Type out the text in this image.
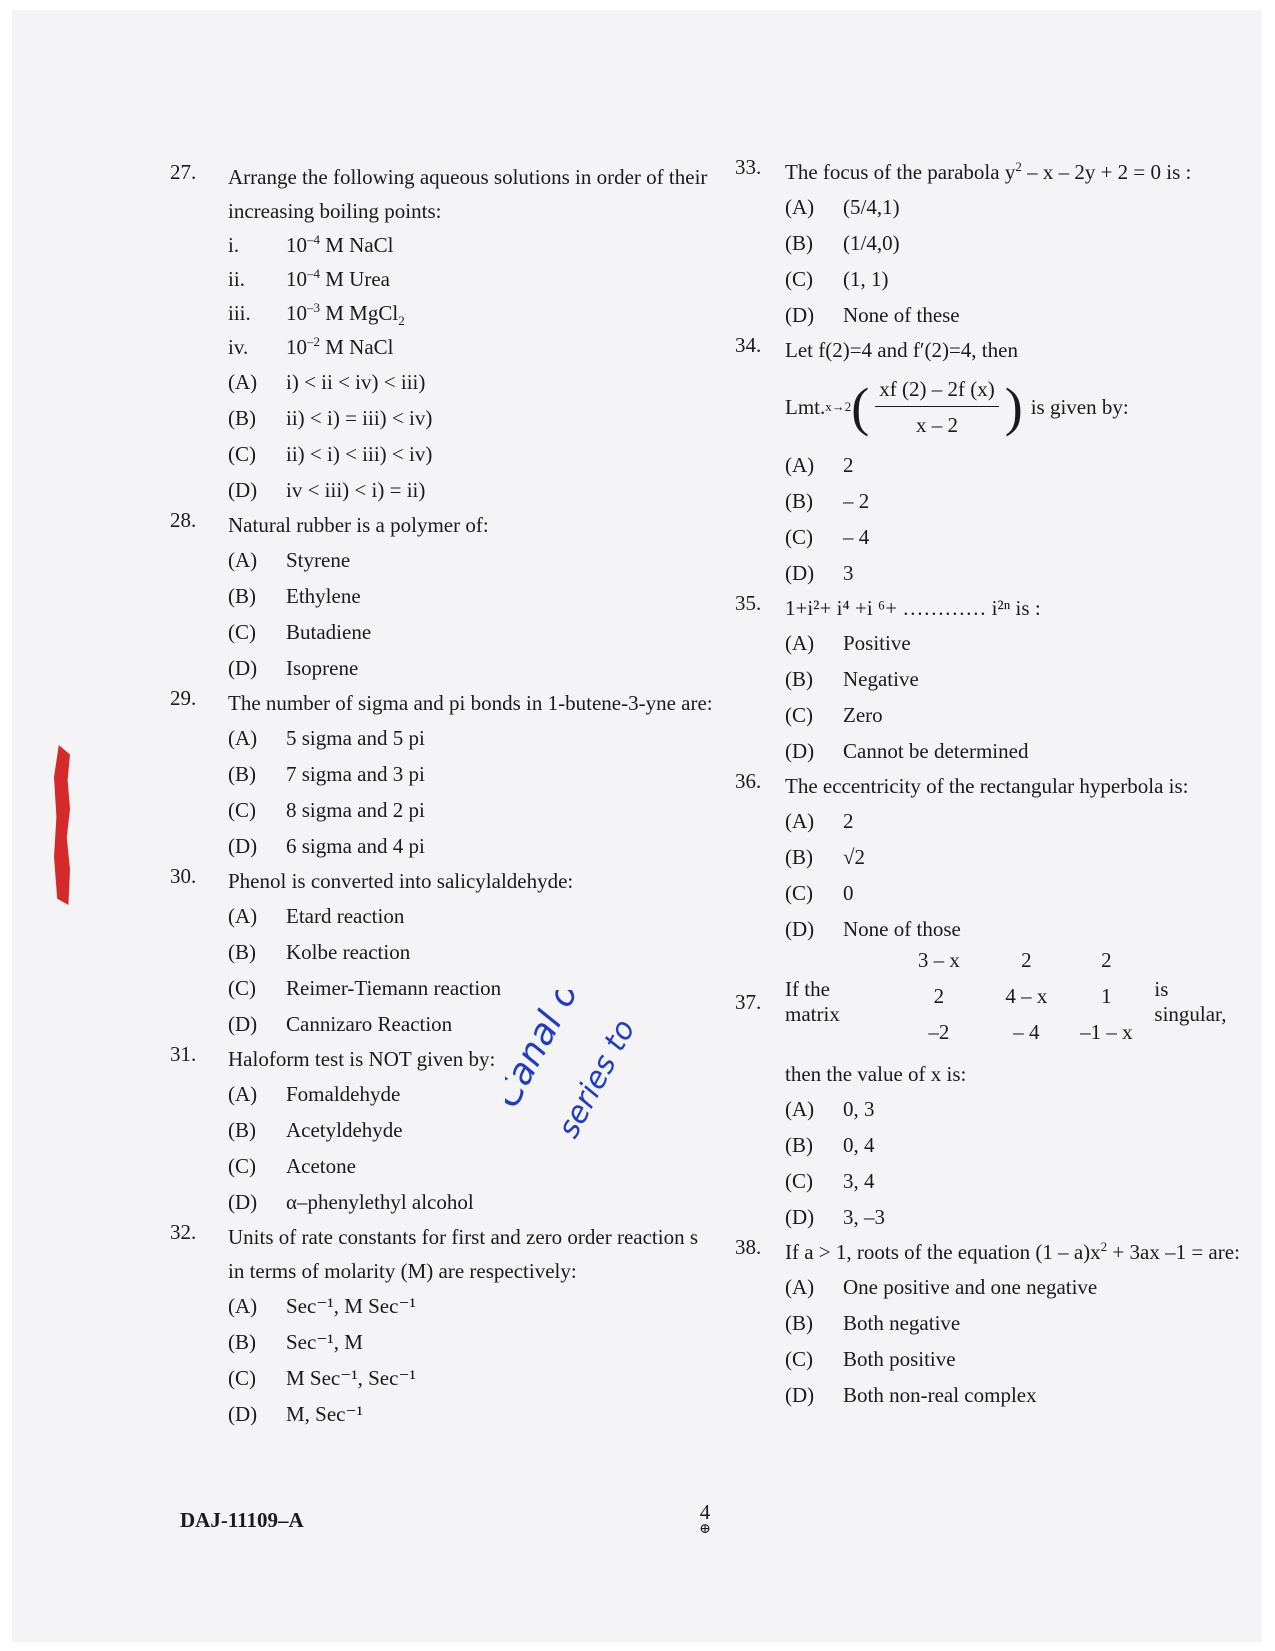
27. Arrange the following aqueous solutions in order of their increasing boiling points:
i.	$10^{-4}$ M NaCl
ii.	$10^{-4}$ M Urea
iii.	$10^{-3}$ M MgCl$_2$
iv.	$10^{-2}$ M NaCl
(A)	i) < ii < iv) < iii)
(B)	ii) < i) = iii) < iv)
(C)	ii) < i) < iii) < iv)
(D)	iv < iii) < i) = ii)
28. Natural rubber is a polymer of:
(A)	Styrene
(B)	Ethylene
(C)	Butadiene
(D)	Isoprene
29. The number of sigma and pi bonds in 1-butene-3-yne are:
(A)	5 sigma and 5 pi
(B)	7 sigma and 3 pi
(C)	8 sigma and 2 pi
(D)	6 sigma and 4 pi
30. Phenol is converted into salicylaldehyde:
(A)	Etard reaction
(B)	Kolbe reaction
(C)	Reimer-Tiemann reaction
(D)	Cannizaro Reaction
31. Haloform test is NOT given by:
(A)	Fomaldehyde
(B)	Acetyldehyde
(C)	Acetone
(D)	α–phenylethyl alcohol
32. Units of rate constants for first and zero order reaction s in terms of molarity (M) are respectively:
(A)	Sec⁻¹, M Sec⁻¹
(B)	Sec⁻¹, M
(C)	M Sec⁻¹, Sec⁻¹
(D)	M, Sec⁻¹
33. The focus of the parabola $y^2 - x - 2y + 2 = 0$ is :
(A)	(5/4,1)
(B)	(1/4,0)
(C)	(1, 1)
(D)	None of these
34. Let f(2)=4 and f′(2)=4, then
Lmt. x→2 ( $\frac{xf (2) - 2f (x)}{x - 2}$ ) is given by:
(A)	2
(B)	– 2
(C)	– 4
(D)	3
35. 1+i²+ i⁴ +i ⁶+ ………… i²ⁿ is :
(A)	Positive
(B)	Negative
(C)	Zero
(D)	Cannot be determined
36. The eccentricity of the rectangular hyperbola is:
(A)	2
(B)	√2
(C)	0
(D)	None of those
37.
If the matrix
3 – x	2	2
2	4 – x	1
–2	– 4	–1 – x
is singular,
then the value of x is:
(A)	0, 3
(B)	0, 4
(C)	3, 4
(D)	3, –3
38. If a > 1, roots of the equation $(1 - a)x^2 + 3ax$ –1 = are:
(A)	One positive and one negative
(B)	Both negative
(C)	Both positive
(D)	Both non-real complex
Canal
series to
DAJ-11109–A	4
⊕
